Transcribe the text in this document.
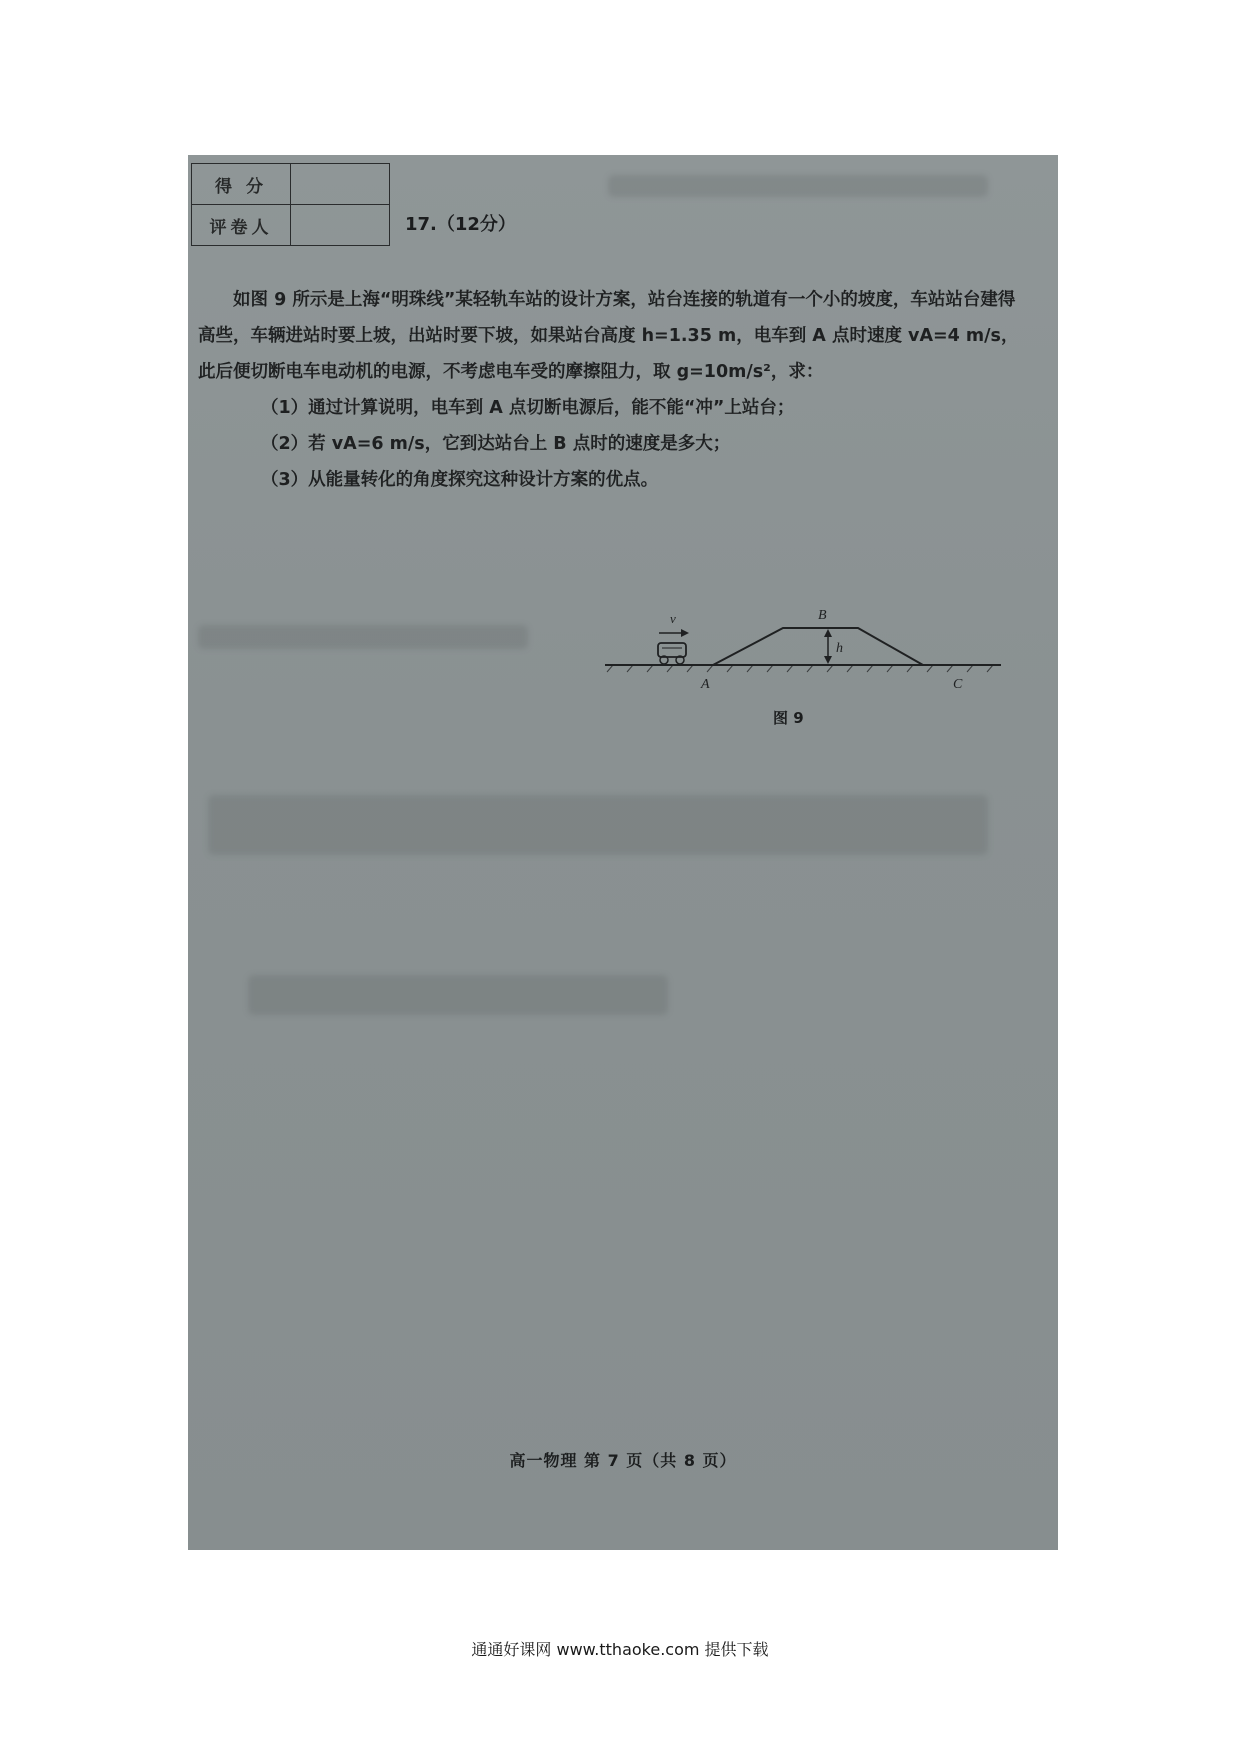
得 分	
评卷人		17.（12分）

如图 9 所示是上海“明珠线”某轻轨车站的设计方案，站台连接的轨道有一个小的坡度，车站站台建得高些，车辆进站时要上坡，出站时要下坡，如果站台高度 h=1.35 m，电车到 A 点时速度 vA=4 m/s，此后便切断电车电动机的电源，不考虑电车受的摩擦阻力，取 g=10m/s²，求：

（1）通过计算说明，电车到 A 点切断电源后，能不能“冲”上站台；

（2）若 vA=6 m/s，它到达站台上 B 点时的速度是多大；

（3）从能量转化的角度探究这种设计方案的优点。

v	B
h
A	C
图 9
高一物理 第 7 页（共 8 页）
通通好课网 www.tthaoke.com 提供下载
